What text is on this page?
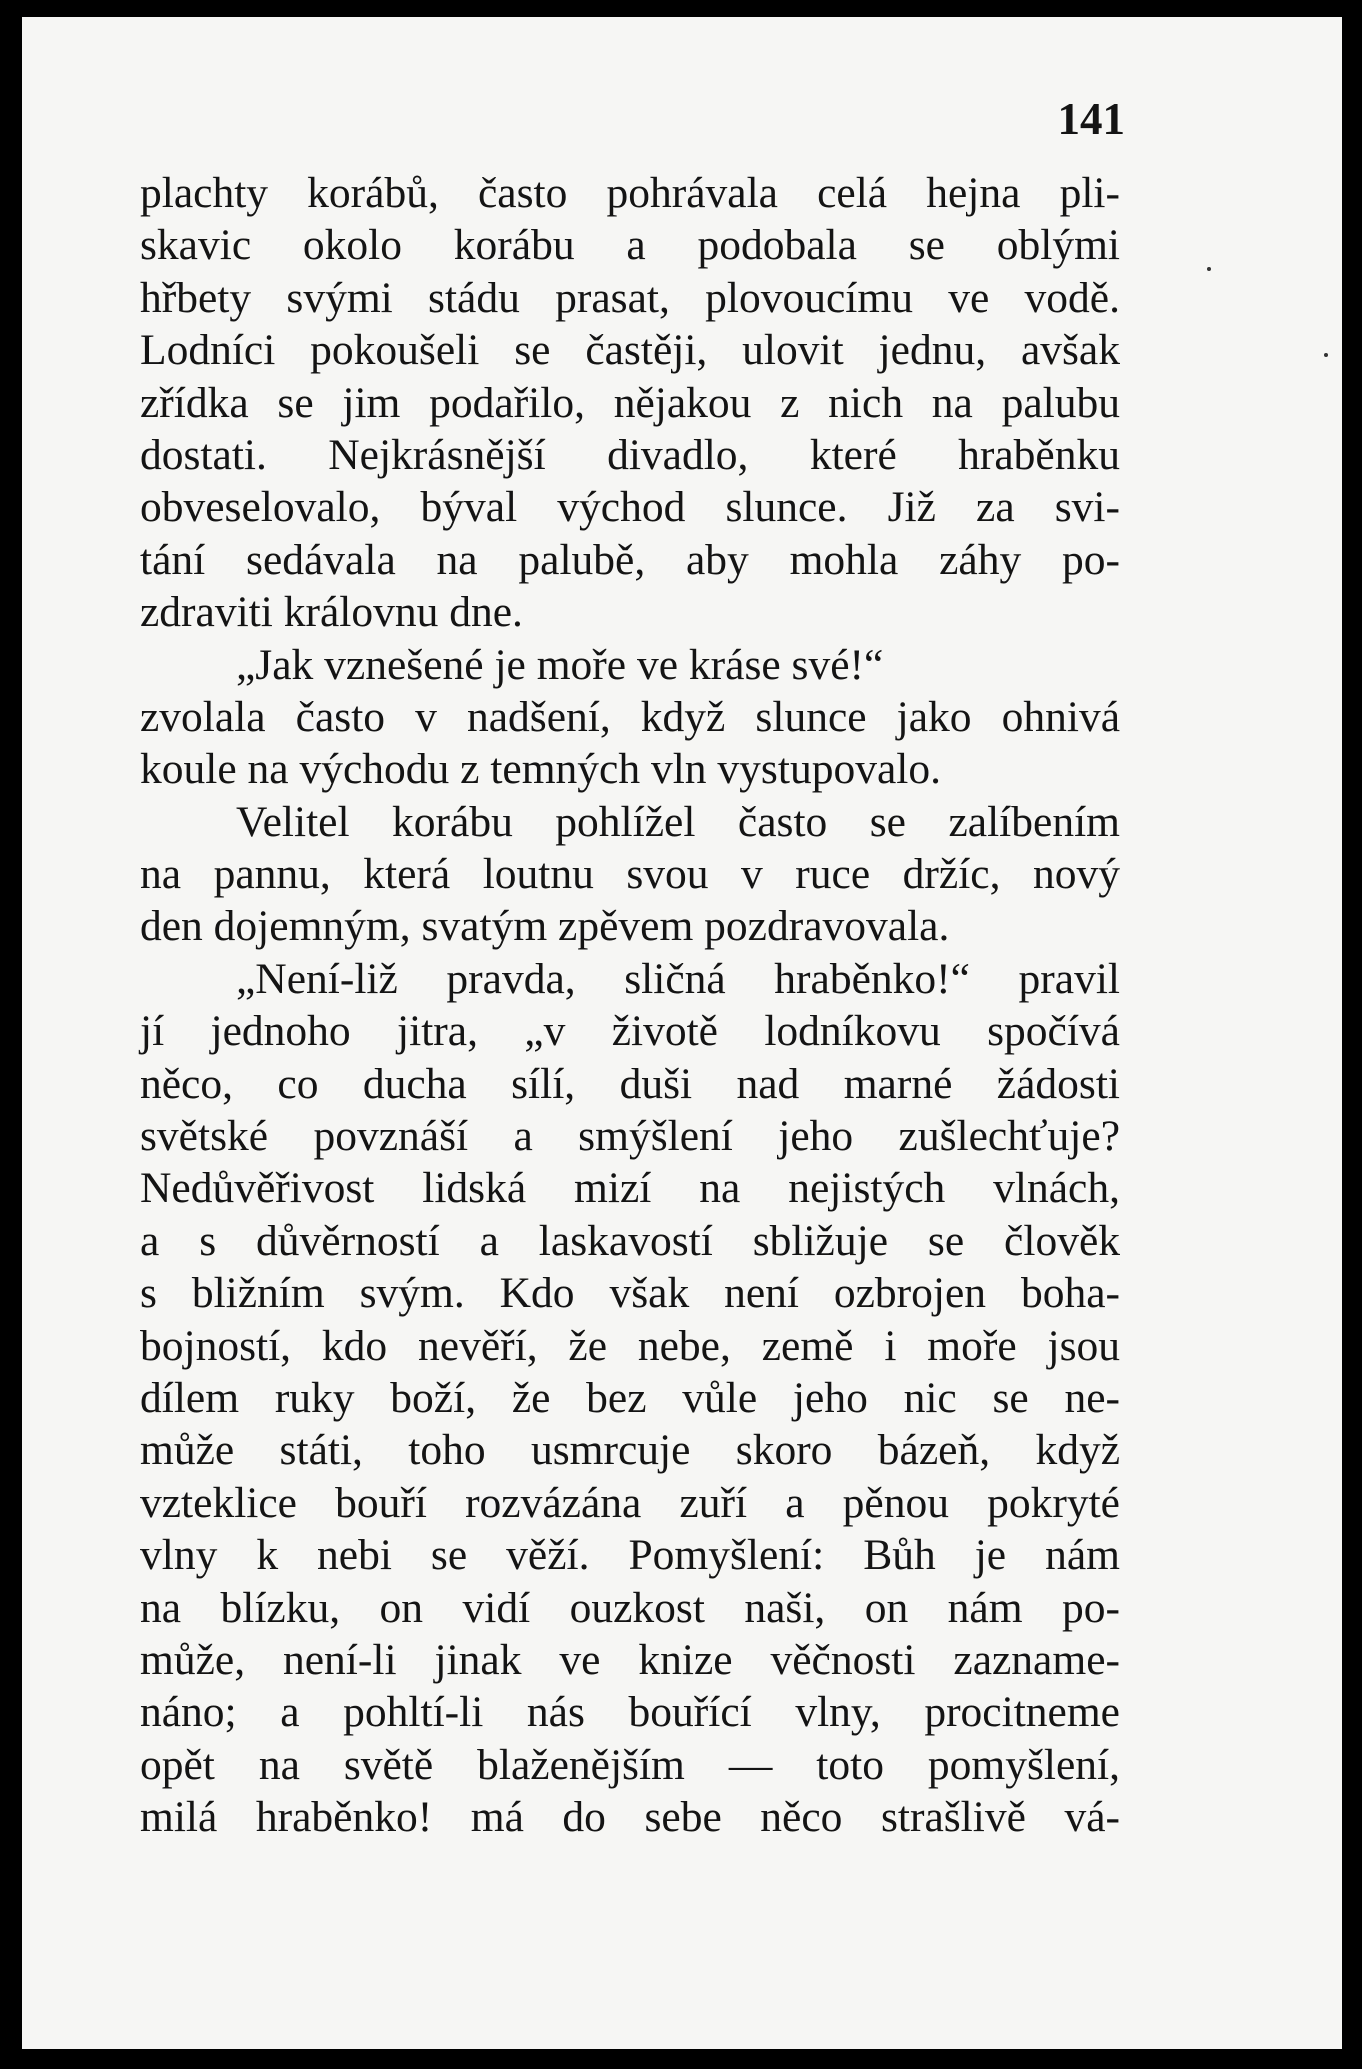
141
plachty korábů, často pohrávala celá hejna pli-
skavic okolo korábu a podobala se oblými
hřbety svými stádu prasat, plovoucímu ve vodě.
Lodníci pokoušeli se častěji, ulovit jednu, avšak
zřídka se jim podařilo, nějakou z nich na palubu
dostati. Nejkrásnější divadlo, které hraběnku
obveselovalo, býval východ slunce. Již za svi-
tání sedávala na palubě, aby mohla záhy po-
zdraviti královnu dne.
„Jak vznešené je moře ve kráse své!“
zvolala často v nadšení, když slunce jako ohnivá
koule na východu z temných vln vystupovalo.
Velitel korábu pohlížel často se zalíbením
na pannu, která loutnu svou v ruce držíc, nový
den dojemným, svatým zpěvem pozdravovala.
„Není-liž pravda, sličná hraběnko!“ pravil
jí jednoho jitra, „v životě lodníkovu spočívá
něco, co ducha sílí, duši nad marné žádosti
světské povznáší a smýšlení jeho zušlechťuje?
Nedůvěřivost lidská mizí na nejistých vlnách,
a s důvěrností a laskavostí sbližuje se člověk
s bližním svým. Kdo však není ozbrojen boha-
bojností, kdo nevěří, že nebe, země i moře jsou
dílem ruky boží, že bez vůle jeho nic se ne-
může státi, toho usmrcuje skoro bázeň, když
vzteklice bouří rozvázána zuří a pěnou pokryté
vlny k nebi se věží. Pomyšlení: Bůh je nám
na blízku, on vidí ouzkost naši, on nám po-
může, není-li jinak ve knize věčnosti zazname-
náno; a pohltí-li nás bouřící vlny, procitneme
opět na světě blaženějším — toto pomyšlení,
milá hraběnko! má do sebe něco strašlivě vá-
